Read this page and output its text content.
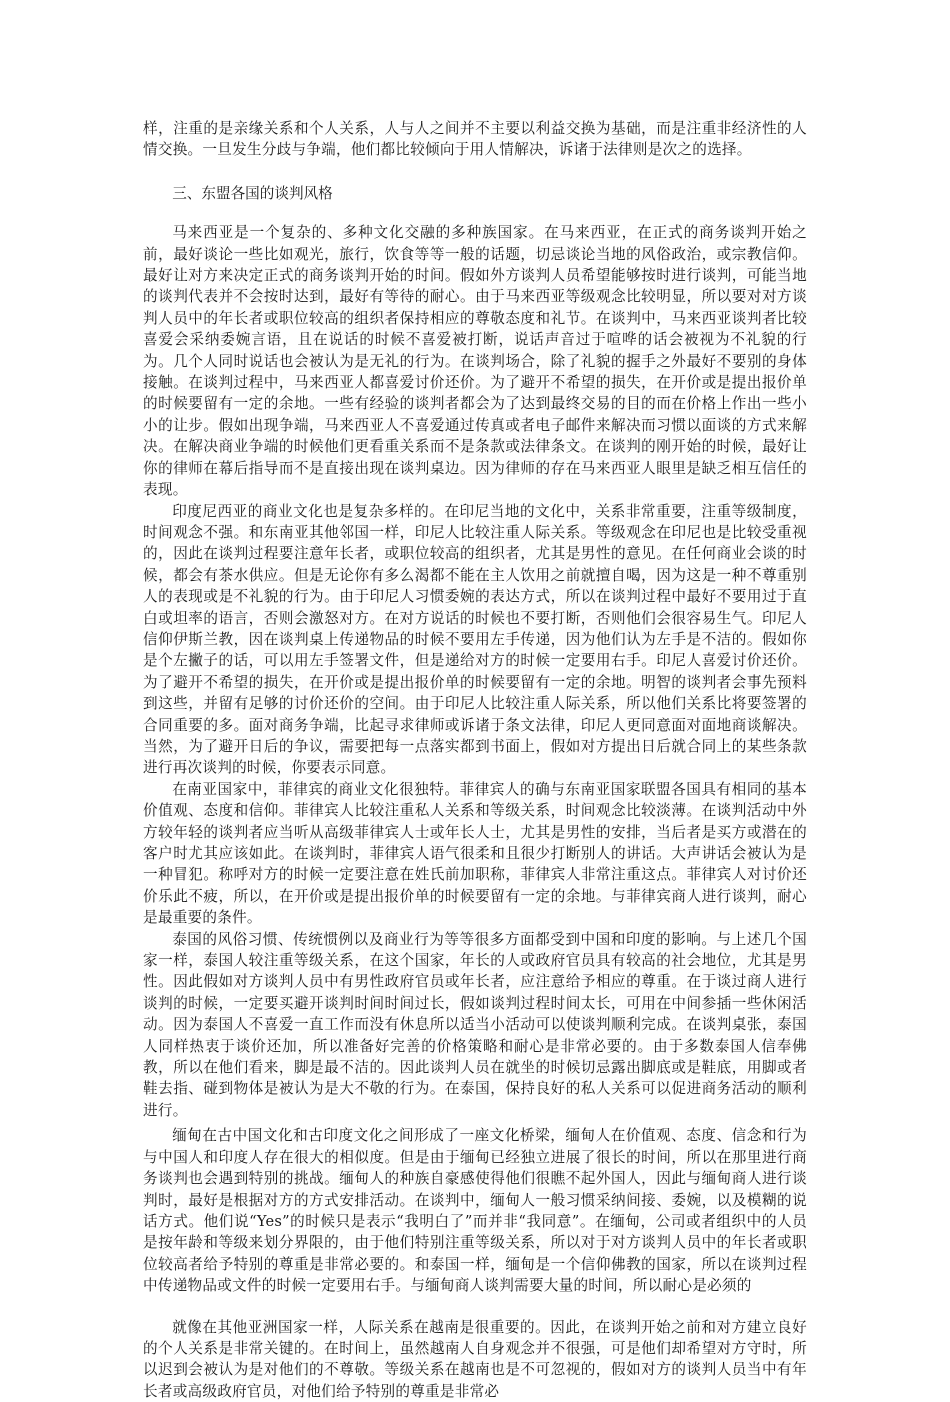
样，注重的是亲缘关系和个人关系，人与人之间并不主要以利益交换为基础，而是注重非经济性的人情交换。一旦发生分歧与争端，他们都比较倾向于用人情解决，诉诸于法律则是次之的选择。

三、东盟各国的谈判风格

马来西亚是一个复杂的、多种文化交融的多种族国家。在马来西亚，在正式的商务谈判开始之前，最好谈论一些比如观光，旅行，饮食等等一般的话题，切忌谈论当地的风俗政治，或宗教信仰。最好让对方来决定正式的商务谈判开始的时间。假如外方谈判人员希望能够按时进行谈判，可能当地的谈判代表并不会按时达到，最好有等待的耐心。由于马来西亚等级观念比较明显，所以要对对方谈判人员中的年长者或职位较高的组织者保持相应的尊敬态度和礼节。在谈判中，马来西亚谈判者比较喜爱会采纳委婉言语，且在说话的时候不喜爱被打断，说话声音过于喧哗的话会被视为不礼貌的行为。几个人同时说话也会被认为是无礼的行为。在谈判场合，除了礼貌的握手之外最好不要别的身体接触。在谈判过程中，马来西亚人都喜爱讨价还价。为了避开不希望的损失，在开价或是提出报价单的时候要留有一定的余地。一些有经验的谈判者都会为了达到最终交易的目的而在价格上作出一些小小的让步。假如出现争端，马来西亚人不喜爱通过传真或者电子邮件来解决而习惯以面谈的方式来解决。在解决商业争端的时候他们更看重关系而不是条款或法律条文。在谈判的刚开始的时候，最好让你的律师在幕后指导而不是直接出现在谈判桌边。因为律师的存在马来西亚人眼里是缺乏相互信任的表现。

印度尼西亚的商业文化也是复杂多样的。在印尼当地的文化中，关系非常重要，注重等级制度，时间观念不强。和东南亚其他邻国一样，印尼人比较注重人际关系。等级观念在印尼也是比较受重视的，因此在谈判过程要注意年长者，或职位较高的组织者，尤其是男性的意见。在任何商业会谈的时候，都会有茶水供应。但是无论你有多么渴都不能在主人饮用之前就擅自喝，因为这是一种不尊重别人的表现或是不礼貌的行为。由于印尼人习惯委婉的表达方式，所以在谈判过程中最好不要用过于直白或坦率的语言，否则会激怒对方。在对方说话的时候也不要打断，否则他们会很容易生气。印尼人信仰伊斯兰教，因在谈判桌上传递物品的时候不要用左手传递，因为他们认为左手是不洁的。假如你是个左撇子的话，可以用左手签署文件，但是递给对方的时候一定要用右手。印尼人喜爱讨价还价。为了避开不希望的损失，在开价或是提出报价单的时候要留有一定的余地。明智的谈判者会事先预料到这些，并留有足够的讨价还价的空间。由于印尼人比较注重人际关系，所以他们关系比将要签署的合同重要的多。面对商务争端，比起寻求律师或诉诸于条文法律，印尼人更同意面对面地商谈解决。当然，为了避开日后的争议，需要把每一点落实都到书面上，假如对方提出日后就合同上的某些条款进行再次谈判的时候，你要表示同意。

在南亚国家中，菲律宾的商业文化很独特。菲律宾人的确与东南亚国家联盟各国具有相同的基本价值观、态度和信仰。菲律宾人比较注重私人关系和等级关系，时间观念比较淡薄。在谈判活动中外方较年轻的谈判者应当听从高级菲律宾人士或年长人士，尤其是男性的安排，当后者是买方或潜在的客户时尤其应该如此。在谈判时，菲律宾人语气很柔和且很少打断别人的讲话。大声讲话会被认为是一种冒犯。称呼对方的时候一定要注意在姓氏前加职称，菲律宾人非常注重这点。菲律宾人对讨价还价乐此不疲，所以，在开价或是提出报价单的时候要留有一定的余地。与菲律宾商人进行谈判，耐心是最重要的条件。

泰国的风俗习惯、传统惯例以及商业行为等等很多方面都受到中国和印度的影响。与上述几个国家一样，泰国人较注重等级关系，在这个国家，年长的人或政府官员具有较高的社会地位，尤其是男性。因此假如对方谈判人员中有男性政府官员或年长者，应注意给予相应的尊重。在于谈过商人进行谈判的时候，一定要买避开谈判时间时间过长，假如谈判过程时间太长，可用在中间参插一些休闲活动。因为泰国人不喜爱一直工作而没有休息所以适当小活动可以使谈判顺利完成。在谈判桌张，泰国人同样热衷于谈价还加，所以准备好完善的价格策略和耐心是非常必要的。由于多数泰国人信奉佛教，所以在他们看来，脚是最不洁的。因此谈判人员在就坐的时候切忌露出脚底或是鞋底，用脚或者鞋去指、碰到物体是被认为是大不敬的行为。在泰国，保持良好的私人关系可以促进商务活动的顺利进行。

缅甸在古中国文化和古印度文化之间形成了一座文化桥梁，缅甸人在价值观、态度、信念和行为与中国人和印度人存在很大的相似度。但是由于缅甸已经独立进展了很长的时间，所以在那里进行商务谈判也会遇到特别的挑战。缅甸人的种族自豪感使得他们很瞧不起外国人，因此与缅甸商人进行谈判时，最好是根据对方的方式安排活动。在谈判中，缅甸人一般习惯采纳间接、委婉，以及模糊的说话方式。他们说“Yes”的时候只是表示“我明白了”而并非“我同意”。在缅甸，公司或者组织中的人员是按年龄和等级来划分界限的，由于他们特别注重等级关系，所以对于对方谈判人员中的年长者或职位较高者给予特别的尊重是非常必要的。和泰国一样，缅甸是一个信仰佛教的国家，所以在谈判过程中传递物品或文件的时候一定要用右手。与缅甸商人谈判需要大量的时间，所以耐心是必须的

就像在其他亚洲国家一样，人际关系在越南是很重要的。因此，在谈判开始之前和对方建立良好的个人关系是非常关键的。在时间上，虽然越南人自身观念并不很强，可是他们却希望对方守时，所以迟到会被认为是对他们的不尊敬。等级关系在越南也是不可忽视的，假如对方的谈判人员当中有年长者或高级政府官员，对他们给予特别的尊重是非常必
